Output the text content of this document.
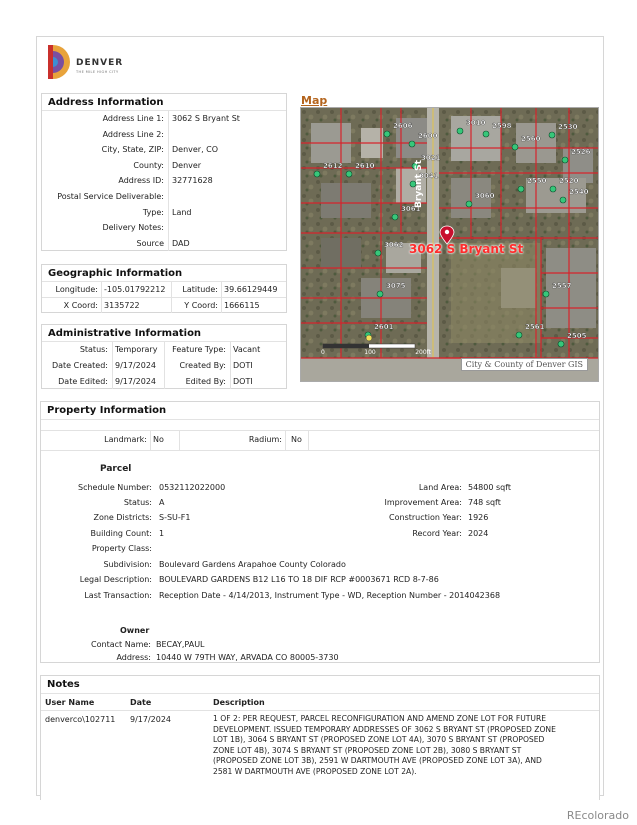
DENVER
THE MILE HIGH CITY
Address Information
Address Line 1: 3062 S Bryant St
Address Line 2:
City, State, ZIP: Denver, CO
County: Denver
Address ID: 32771628
Postal Service Deliverable:
Type: Land
Delivery Notes:
Source DAD
Geographic Information
Longitude: -105.01792212	Latitude: 39.66129449
X Coord: 3135722	Y Coord: 1666115
Administrative Information
Status: Temporary	Feature Type: Vacant
Date Created: 9/17/2024	Created By: DOTI
Date Edited: 9/17/2024	Edited By: DOTI
Map
2606
2600
3010 2598
2560
2530
2526
2612 2610
3021
3041
2550 2520
2540
3060
3061
3062
3075	2557
2601	2561
2505
3062 S Bryant St
Bryant St
0	100	200ft
City & County of Denver GIS
Property Information
Landmark: No	Radium: No
Parcel
Schedule Number: 0532112022000
Status: A
Zone Districts: S-SU-F1
Building Count: 1
Property Class:
Subdivision: Boulevard Gardens Arapahoe County Colorado
Legal Description: BOULEVARD GARDENS B12 L16 TO 18 DIF RCP #0003671 RCD 8-7-86
Last Transaction: Reception Date - 4/14/2013, Instrument Type - WD, Reception Number - 2014042368
Land Area: 54800 sqft
Improvement Area: 748 sqft
Construction Year: 1926
Record Year: 2024
Owner
Contact Name: BECAY,PAUL
Address: 10440 W 79TH WAY, ARVADA CO 80005-3730
Notes
User Name	Date	Description
denverco\102711 9/17/2024	1 OF 2: PER REQUEST, PARCEL RECONFIGURATION AND AMEND ZONE LOT FOR FUTURE
DEVELOPMENT. ISSUED TEMPORARY ADDRESSES OF 3062 S BRYANT ST (PROPOSED ZONE
LOT 1B), 3064 S BRYANT ST (PROPOSED ZONE LOT 4A), 3070 S BRYANT ST (PROPOSED
ZONE LOT 4B), 3074 S BRYANT ST (PROPOSED ZONE LOT 2B), 3080 S BRYANT ST
(PROPOSED ZONE LOT 3B), 2591 W DARTMOUTH AVE (PROPOSED ZONE LOT 3A), AND
2581 W DARTMOUTH AVE (PROPOSED ZONE LOT 2A).
REcolorado
